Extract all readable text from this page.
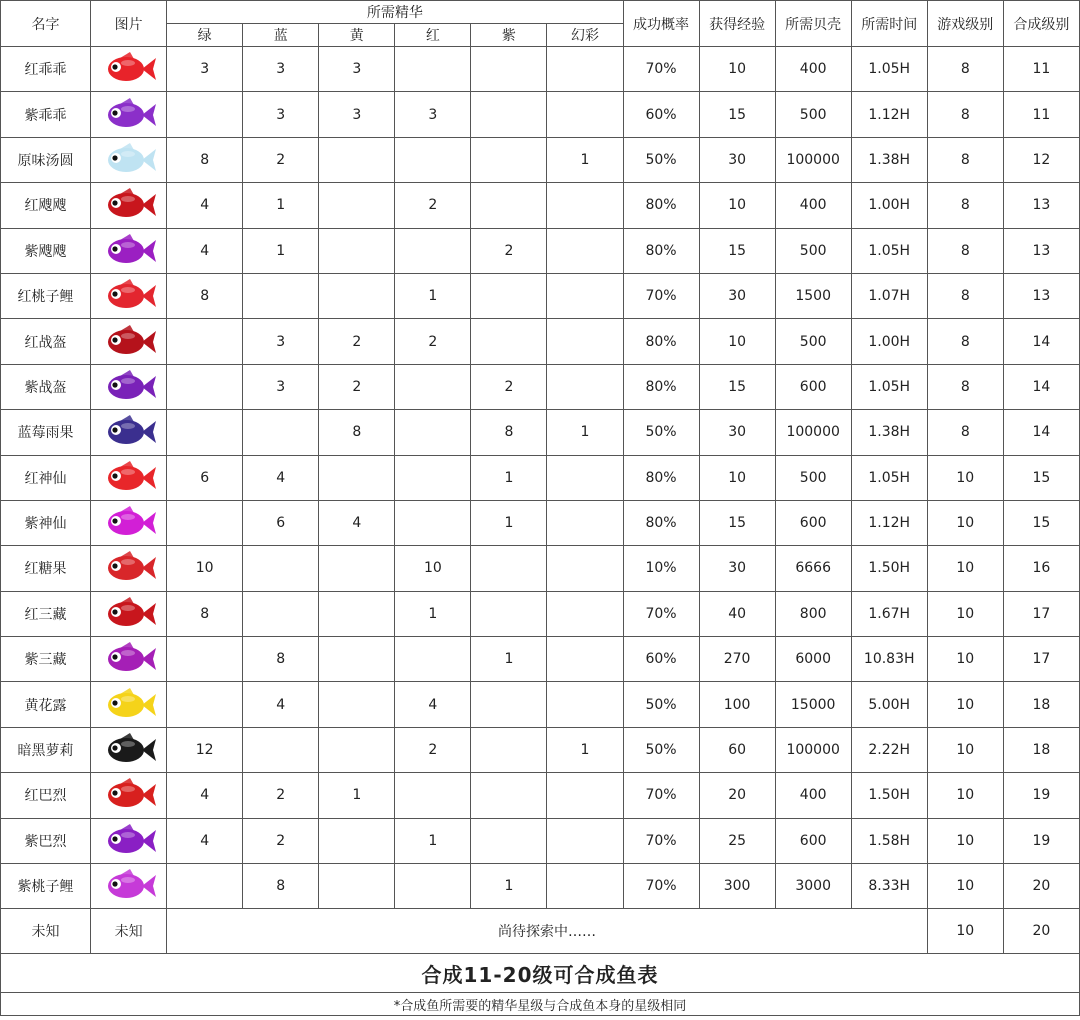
名字	图片	所需精华						成功概率	获得经验	所需贝壳	所需时间	游戏级别	合成级别
		绿	蓝	黄	红	紫	幻彩						
红乖乖		3	3	3				70%	10	400	1.05H	8	11
紫乖乖			3	3	3			60%	15	500	1.12H	8	11
原味汤圆		8	2				1	50%	30	100000	1.38H	8	12
红飕飕		4	1		2			80%	10	400	1.00H	8	13
紫飕飕		4	1			2		80%	15	500	1.05H	8	13
红桃子鲤		8			1			70%	30	1500	1.07H	8	13
红战盔			3	2	2			80%	10	500	1.00H	8	14
紫战盔			3	2		2		80%	15	600	1.05H	8	14
蓝莓雨果				8		8	1	50%	30	100000	1.38H	8	14
红神仙		6	4			1		80%	10	500	1.05H	10	15
紫神仙			6	4		1		80%	15	600	1.12H	10	15
红糖果		10			10			10%	30	6666	1.50H	10	16
红三藏		8			1			70%	40	800	1.67H	10	17
紫三藏			8			1		60%	270	6000	10.83H	10	17
黄花露			4		4			50%	100	15000	5.00H	10	18
暗黑萝莉		12			2		1	50%	60	100000	2.22H	10	18
红巴烈		4	2	1				70%	20	400	1.50H	10	19
紫巴烈		4	2		1			70%	25	600	1.58H	10	19
紫桃子鲤			8			1		70%	300	3000	8.33H	10	20
未知	未知	尚待探索中……										10	20
合成11-20级可合成鱼表													
*合成鱼所需要的精华星级与合成鱼本身的星级相同													
